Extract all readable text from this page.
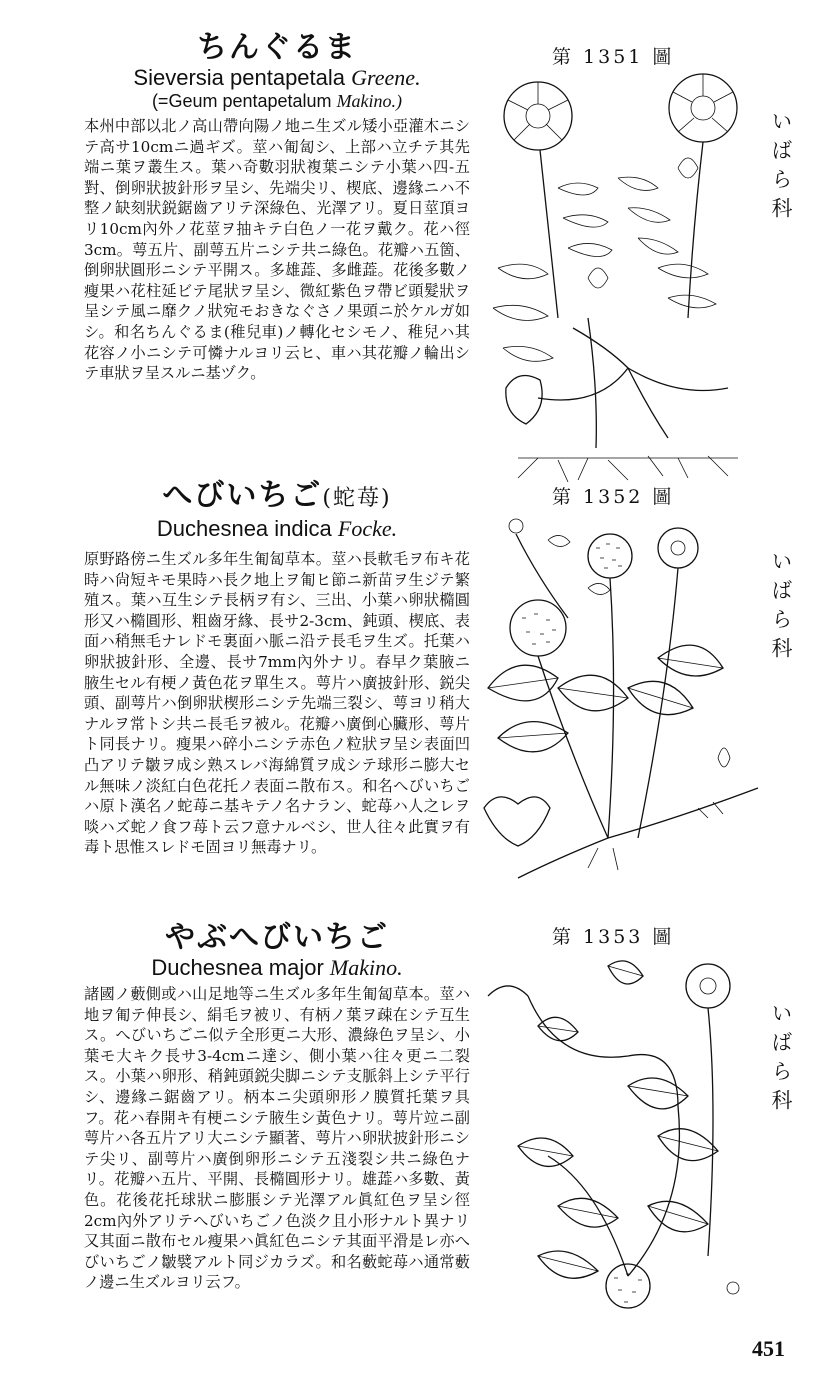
ちんぐるま

Sieversia pentapetala Greene.

(=Geum pentapetalum Makino.)

本州中部以北ノ高山帶向陽ノ地ニ生ズル矮小亞灌木ニシテ高サ10cmニ過ギズ。莖ハ匍匐シ、上部ハ立チテ其先端ニ葉ヲ叢生ス。葉ハ奇數羽狀複葉ニシテ小葉ハ四-五對、倒卵狀披針形ヲ呈シ、先端尖リ、楔底、邊緣ニハ不整ノ缺刻狀鋭鋸齒アリテ深綠色、光澤アリ。夏日莖頂ヨリ10cm內外ノ花莖ヲ抽キテ白色ノ一花ヲ戴ク。花ハ徑3cm。萼五片、副萼五片ニシテ共ニ綠色。花瓣ハ五箇、倒卵狀圓形ニシテ平開ス。多雄蕋、多雌蕋。花後多數ノ瘦果ハ花柱延ビテ尾狀ヲ呈シ、微紅紫色ヲ帶ビ頭髮狀ヲ呈シテ風ニ靡クノ狀宛モおきなぐさノ果頭ニ於ケルガ如シ。和名ちんぐるま(稚兒車)ノ轉化セシモノ、稚兒ハ其花容ノ小ニシテ可憐ナルヨリ云ヒ、車ハ其花瓣ノ輪出シテ車狀ヲ呈スルニ基ヅク。

第 1351 圖
いばら科

へびいちご(蛇苺)

Duchesnea indica Focke.

原野路傍ニ生ズル多年生匍匐草本。莖ハ長軟毛ヲ布キ花時ハ尙短キモ果時ハ長ク地上ヲ匍ヒ節ニ新苗ヲ生ジテ繁殖ス。葉ハ互生シテ長柄ヲ有シ、三出、小葉ハ卵狀橢圓形又ハ橢圓形、粗齒牙緣、長サ2-3cm、鈍頭、楔底、表面ハ稍無毛ナレドモ裏面ハ脈ニ沿テ長毛ヲ生ズ。托葉ハ卵狀披針形、全邊、長サ7mm內外ナリ。春早ク葉腋ニ腋生セル有梗ノ黃色花ヲ單生ス。萼片ハ廣披針形、鋭尖頭、副萼片ハ倒卵狀楔形ニシテ先端三裂シ、萼ヨリ稍大ナルヲ常トシ共ニ長毛ヲ被ル。花瓣ハ廣倒心臟形、萼片ト同長ナリ。瘦果ハ碎小ニシテ赤色ノ粒狀ヲ呈シ表面凹凸アリテ皺ヲ成シ熟スレバ海綿質ヲ成シテ球形ニ膨大セル無味ノ淡紅白色花托ノ表面ニ散布ス。和名へびいちごハ原ト漢名ノ蛇苺ニ基キテノ名ナラン、蛇苺ハ人之レヲ啖ハズ蛇ノ食フ苺ト云フ意ナルベシ、世人往々此實ヲ有毒ト思惟スレドモ固ヨリ無毒ナリ。

第 1352 圖
いばら科

やぶへびいちご

Duchesnea major Makino.

諸國ノ藪側或ハ山足地等ニ生ズル多年生匍匐草本。莖ハ地ヲ匍テ伸長シ、絹毛ヲ被リ、有柄ノ葉ヲ疎在シテ互生ス。へびいちごニ似テ全形更ニ大形、濃綠色ヲ呈シ、小葉モ大キク長サ3-4cmニ達シ、側小葉ハ往々更ニ二裂ス。小葉ハ卵形、稍鈍頭鋭尖脚ニシテ支脈斜上シテ平行シ、邊緣ニ鋸齒アリ。柄本ニ尖頭卵形ノ膜質托葉ヲ具フ。花ハ春開キ有梗ニシテ腋生シ黃色ナリ。萼片竝ニ副萼片ハ各五片アリ大ニシテ顯著、萼片ハ卵狀披針形ニシテ尖リ、副萼片ハ廣倒卵形ニシテ五淺裂シ共ニ綠色ナリ。花瓣ハ五片、平開、長橢圓形ナリ。雄蕋ハ多數、黃色。花後花托球狀ニ膨脹シテ光澤アル眞紅色ヲ呈シ徑2cm內外アリテへびいちごノ色淡ク且小形ナルト異ナリ又其面ニ散布セル瘦果ハ眞紅色ニシテ其面平滑是レ亦へびいちごノ皺襞アルト同ジカラズ。和名藪蛇苺ハ通常藪ノ邊ニ生ズルヨリ云フ。

第 1353 圖
いばら科
451
